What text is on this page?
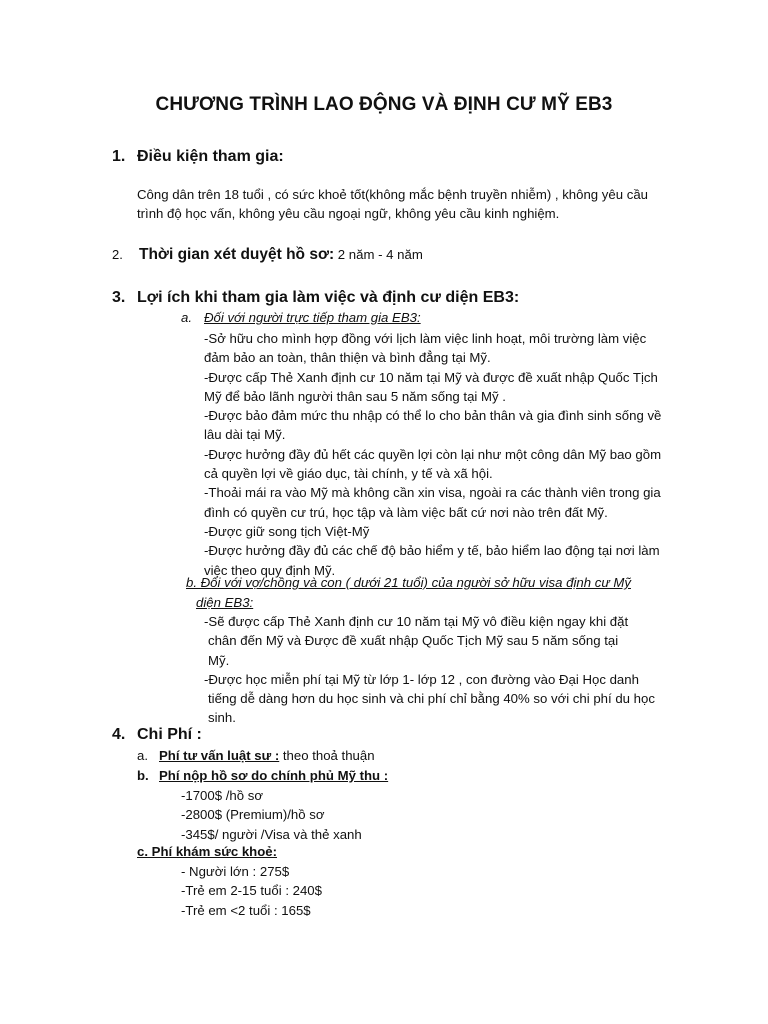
CHƯƠNG TRÌNH LAO ĐỘNG VÀ ĐỊNH CƯ MỸ EB3
1. Điều kiện tham gia:
Công dân trên 18 tuổi , có sức khoẻ tốt(không mắc bệnh truyền nhiễm) , không yêu cầu
trình độ học vấn, không yêu cầu ngoại ngữ, không yêu cầu kinh nghiệm.
2. Thời gian xét duyệt hồ sơ: 2 năm - 4 năm
3. Lợi ích khi tham gia làm việc và định cư diện EB3:
a. Đối với người trực tiếp tham gia EB3:
-Sở hữu cho mình hợp đồng với lịch làm việc linh hoạt, môi trường làm việc
đảm bảo an toàn, thân thiện và bình đẳng tại Mỹ.
-Được cấp Thẻ Xanh định cư 10 năm tại Mỹ và được đề xuất nhập Quốc Tịch
Mỹ để bảo lãnh người thân sau 5 năm sống tại Mỹ .
-Được bảo đảm mức thu nhập có thể lo cho bản thân và gia đình sinh sống về
lâu dài tại Mỹ.
-Được hưởng đầy đủ hết các quyền lợi còn lại như một công dân Mỹ bao gồm
cả quyền lợi về giáo dục, tài chính, y tế và xã hội.
-Thoải mái ra vào Mỹ mà không cần xin visa, ngoài ra các thành viên trong gia
đình có quyền cư trú, học tập và làm việc bất cứ nơi nào trên đất Mỹ.
-Được giữ song tịch Việt-Mỹ
-Được hưởng đầy đủ các chế độ bảo hiểm y tế, bảo hiểm lao động tại nơi làm
việc theo quy định Mỹ.
b. Đối với vợ/chồng và con ( dưới 21 tuổi) của người sở hữu visa định cư Mỹ
diện EB3:
-Sẽ được cấp Thẻ Xanh định cư 10 năm tại Mỹ vô điều kiện ngay khi đặt
chân đến Mỹ và Được đề xuất nhập Quốc Tịch Mỹ sau 5 năm sống tại
Mỹ.
-Được học miễn phí tại Mỹ từ lớp 1- lớp 12 , con đường vào Đại Học danh
tiếng dễ dàng hơn du học sinh và chi phí chỉ bằng 40% so với chi phí du học
sinh.
4. Chi Phí :
a. Phí tư vấn luật sư : theo thoả thuận
b. Phí nộp hồ sơ do chính phủ Mỹ thu :
-1700$ /hồ sơ
-2800$ (Premium)/hồ sơ
-345$/ người /Visa và thẻ xanh
c. Phí khám sức khoẻ:
- Người lớn : 275$
-Trẻ em 2-15 tuổi : 240$
-Trẻ em <2 tuổi : 165$
